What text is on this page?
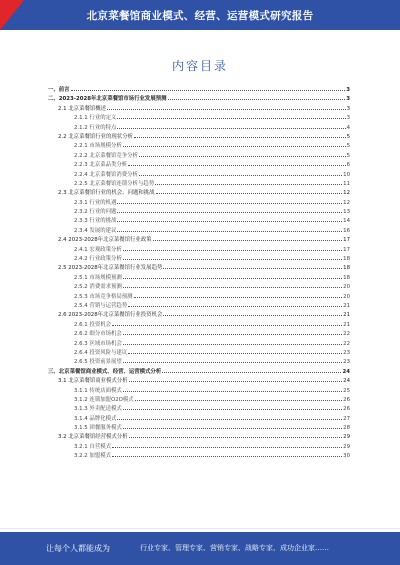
北京菜餐馆商业模式、经营、运营模式研究报告
内容目录
一、前言	3
二、2023-2028年北京菜餐馆市场行业发展预测	3
2.1 北京菜餐馆概述	3
2.1.1 行业的定义	3
2.1.2 行业的特点	4
2.2 北京菜餐馆行业的现状分析	5
2.2.1 市场规模分析	5
2.2.2 北京菜餐馆竞争分析	5
2.2.3 北京菜品类分析	6
2.2.4 北京菜餐馆消费分析	10
2.2.5 北京菜餐馆连锁分析与趋势	11
2.3 北京菜餐馆行业的机会、问题和挑战	12
2.3.1 行业的机遇	12
2.3.2 行业的问题	13
2.3.3 行业的挑战	14
2.3.4 发展的建议	16
2.4 2023-2028年北京菜餐馆行业政策	17
2.4.1 宏观政策分析	17
2.4.2 行业政策分析	18
2.5 2023-2028年北京菜餐馆行业发展趋势	18
2.5.1 市场规模预测	18
2.5.2 消费需求预测	20
2.5.3 市场竞争格局预测	20
2.5.4 营销与运营趋势	21
2.6 2023-2028年北京菜餐馆行业投资机会	21
2.6.1 投资机会	21
2.6.2 细分市场机会	22
2.6.3 区域市场机会	22
2.6.4 投资风险与建议	23
2.6.5 投资前景展望	23
三、北京菜餐馆商业模式、经营、运营模式分析	24
3.1 北京菜餐馆商业模式分析	24
3.1.1 传统店面模式	25
3.1.2 连锁加盟O2O模式	26
3.1.3 外卖配送模式	26
3.1.4 品牌化模式	27
3.1.5 团餐服务模式	28
3.2 北京菜餐馆经营模式分析	29
3.2.1 自营模式	29
3.2.2 加盟模式	30
让每个人都能成为	行业专家、管理专家、营销专家、战略专家、成功企业家……
